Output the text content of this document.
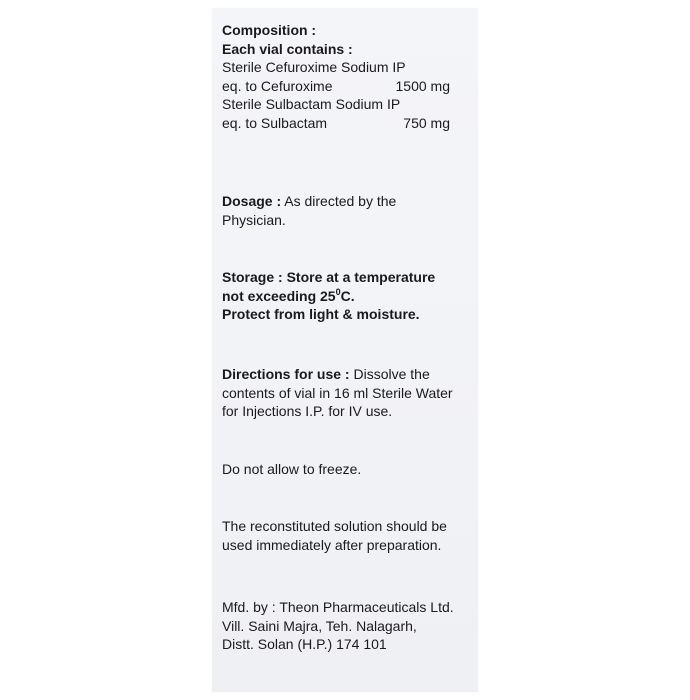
Composition :
Each vial contains :
Sterile Cefuroxime Sodium IP
eq. to Cefuroxime	1500 mg
Sterile Sulbactam Sodium IP
eq. to Sulbactam	750 mg
Dosage : As directed by the
Physician.
Storage : Store at a temperature
not exceeding $25^0C$.
Protect from light & moisture.
Directions for use : Dissolve the
contents of vial in 16 ml Sterile Water
for Injections I.P. for IV use.
Do not allow to freeze.
The reconstituted solution should be
used immediately after preparation.
Mfd. by : Theon Pharmaceuticals Ltd.
Vill. Saini Majra, Teh. Nalagarh,
Distt. Solan (H.P.) 174 101
